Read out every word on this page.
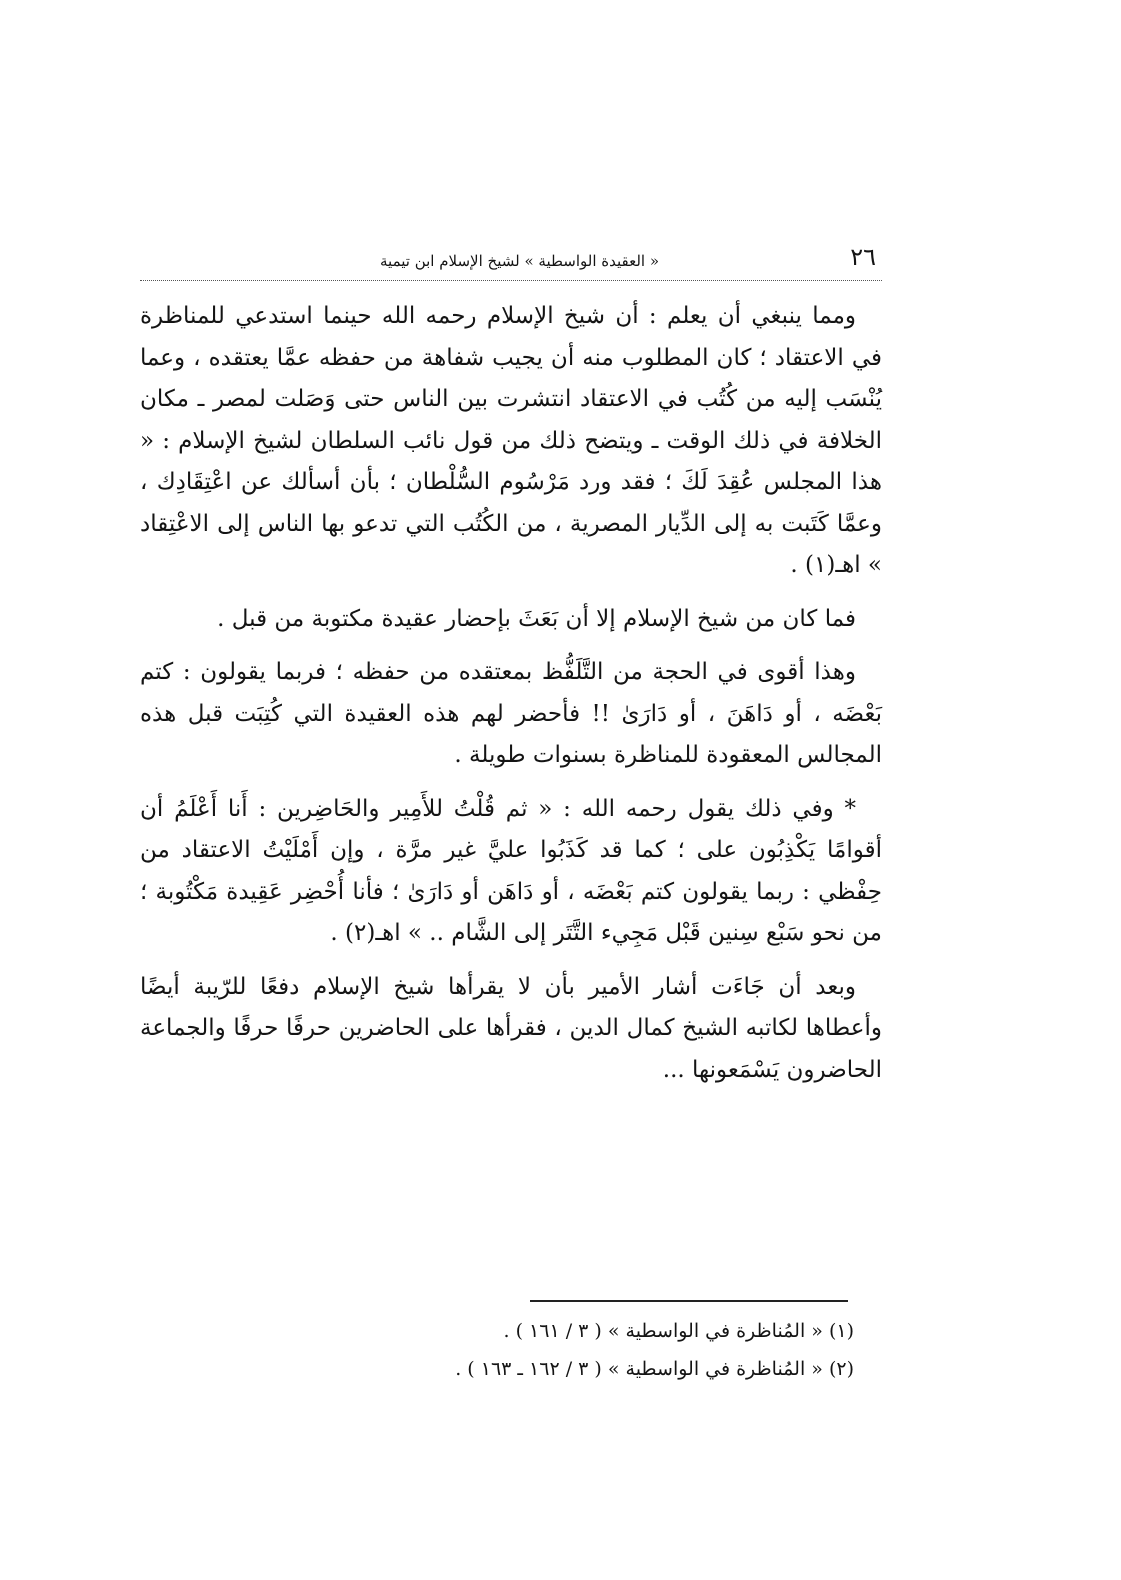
٢٦
« العقيدة الواسطية » لشيخ الإسلام ابن تيمية

ومما ينبغي أن يعلم : أن شيخ الإسلام رحمه الله حينما استدعي للمناظرة في الاعتقاد ؛ كان المطلوب منه أن يجيب شفاهة من حفظه عمَّا يعتقده ، وعما يُنْسَب إليه من كُتُب في الاعتقاد انتشرت بين الناس حتى وَصَلت لمصر ـ مكان الخلافة في ذلك الوقت ـ ويتضح ذلك من قول نائب السلطان لشيخ الإسلام : « هذا المجلس عُقِدَ لَكَ ؛ فقد ورد مَرْسُوم السُّلْطان ؛ بأن أسألك عن اعْتِقَادِك ، وعمَّا كَتَبت به إلى الدِّيار المصرية ، من الكُتُب التي تدعو بها الناس إلى الاعْتِقاد » اهـ(١) .

فما كان من شيخ الإسلام إلا أن بَعَثَ بإحضار عقيدة مكتوبة من قبل .

وهذا أقوى في الحجة من التَّلَفُّظ بمعتقده من حفظه ؛ فربما يقولون : كتم بَعْضَه ، أو دَاهَنَ ، أو دَارَىٰ !! فأحضر لهم هذه العقيدة التي كُتِبَت قبل هذه المجالس المعقودة للمناظرة بسنوات طويلة .

* وفي ذلك يقول رحمه الله : « ثم قُلْتُ للأَمِير والحَاضِرين : أَنا أَعْلَمُ أن أقوامًا يَكْذِبُون على ؛ كما قد كَذَبُوا عليَّ غير مرَّة ، وإن أَمْلَيْتُ الاعتقاد من حِفْظي : ربما يقولون كتم بَعْضَه ، أو دَاهَن أو دَارَىٰ ؛ فأنا أُحْضِر عَقِيدة مَكْتُوبة ؛ من نحو سَبْع سِنين قَبْل مَجِيء التَّتَر إلى الشَّام .. » اهـ(٢) .

وبعد أن جَاءَت أشار الأمير بأن لا يقرأها شيخ الإسلام دفعًا للرّيبة أيضًا وأعطاها لكاتبه الشيخ كمال الدين ، فقرأها على الحاضرين حرفًا حرفًا والجماعة الحاضرون يَسْمَعونها ...

(١) « المُناظرة في الواسطية » ( ٣ / ١٦١ ) .

(٢) « المُناظرة في الواسطية » ( ٣ / ١٦٢ ـ ١٦٣ ) .
